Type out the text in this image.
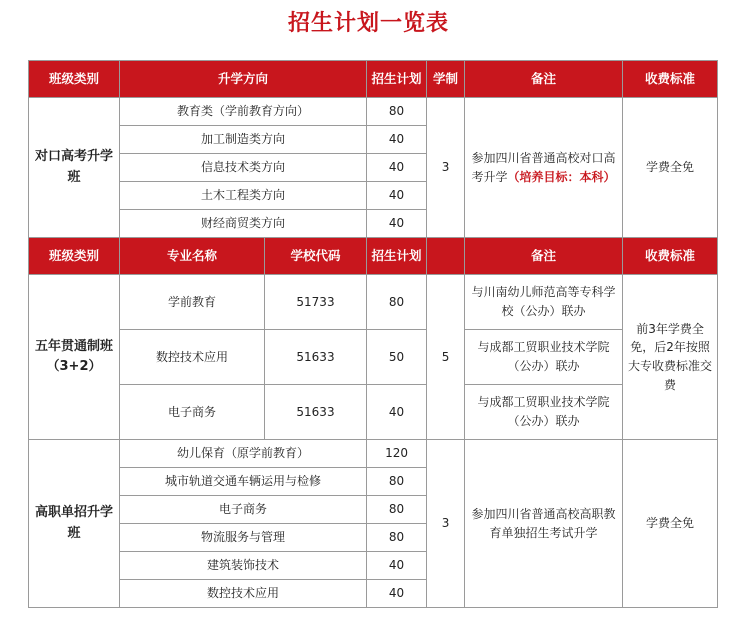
招生计划一览表
班级类别	升学方向		招生计划	学制	备注	收费标准
对口高考升学班	教育类（学前教育方向）		80	3	参加四川省普通高校对口高考升学（培养目标：本科）	学费全免
	加工制造类方向		40			
	信息技术类方向		40			
	土木工程类方向		40			
	财经商贸类方向		40			
班级类别	专业名称	学校代码	招生计划		备注	收费标准
五年贯通制班（3+2）	学前教育	51733	80	5	与川南幼儿师范高等专科学校（公办）联办	前3年学费全免，后2年按照大专收费标准交费
	数控技术应用	51633	50		与成都工贸职业技术学院（公办）联办	
	电子商务	51633	40		与成都工贸职业技术学院（公办）联办	
高职单招升学班	幼儿保育（原学前教育）		120	3	参加四川省普通高校高职教育单独招生考试升学	学费全免
	城市轨道交通车辆运用与检修		80			
	电子商务		80			
	物流服务与管理		80			
	建筑装饰技术		40			
	数控技术应用		40			
